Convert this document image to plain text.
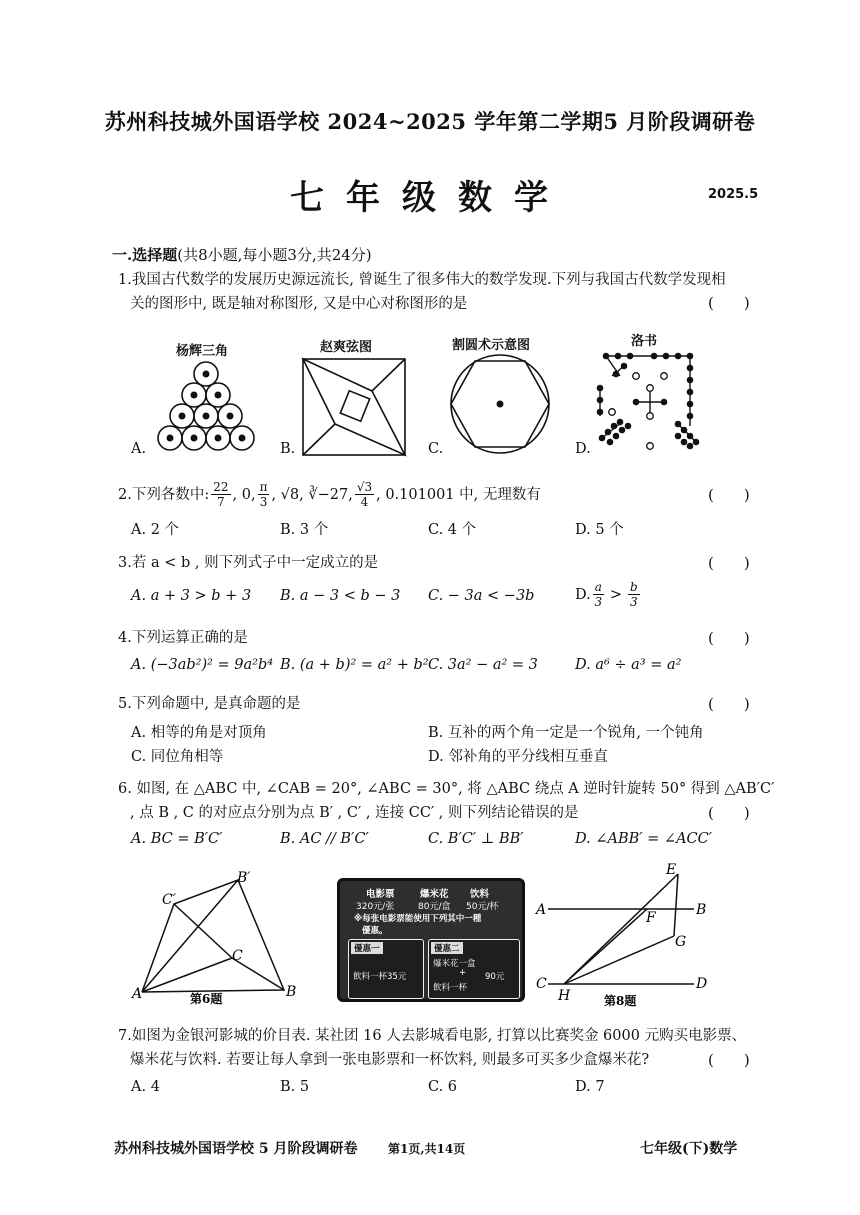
苏州科技城外国语学校 2024~2025 学年第二学期5 月阶段调研卷
七年级数学	2025.5
一.选择题(共8小题,每小题3分,共24分)
1.我国古代数学的发展历史源远流长, 曾诞生了很多伟大的数学发现.下列与我国古代数学发现相
关的图形中, 既是轴对称图形, 又是中心对称图形的是	(　　)
杨辉三角	赵爽弦图	割圆术示意图	洛书
A.	B.	C.	D.
2. 下列各数中: $\frac{22}{7}$ , 0, $\frac{\pi}{3}$ , √8 , ∛−27 , $\frac{√3}{4}$ , 0.101001 中, 无理数有	(　　)
A. 2 个	B. 3 个	C. 4 个	D. 5 个
3.若 a < b , 则下列式子中一定成立的是	(　　)
A. a + 3 > b + 3 B. a − 3 < b − 3 C. − 3a < −3b	D. $\frac{a}{3} > \frac{b}{3}$
4.下列运算正确的是	(　　)
A. (−3ab²)² = 9a²b⁴ B. (a + b)² = a² + b² C. 3a² − a² = 3	D. a⁶ ÷ a³ = a²
5.下列命题中, 是真命题的是	(　　)
A. 相等的角是对顶角	B. 互补的两个角一定是一个锐角, 一个钝角
C. 同位角相等	D. 邻补角的平分线相互垂直
6. 如图, 在 △ABC 中, ∠CAB = 20°, ∠ABC = 30°, 将 △ABC 绕点 A 逆时针旋转 50° 得到 △AB′C′
, 点 B , C 的对应点分别为点 B′ , C′ , 连接 CC′ , 则下列结论错误的是	(　　)
A. BC = B′C′	B. AC // B′C′	C. B′C′ ⊥ BB′	D. ∠ABB′ = ∠ACC′
A	B
C
C′
B′
第6题
电影票	爆米花 饮料
320元/张	80元/盒 50元/杯
※每张电影票能使用下列其中一種
優惠。
優惠一
飲料一杯35元
優惠二
爆米花一盒
+ 90元
飲料一杯
A	B
C	D
E
F
G
H	第8题
7.如图为金银河影城的价目表. 某社团 16 人去影城看电影, 打算以比赛奖金 6000 元购买电影票、
爆米花与饮料. 若要让每人拿到一张电影票和一杯饮料, 则最多可买多少盒爆米花?	(　　)
A. 4	B. 5	C. 6	D. 7
苏州科技城外国语学校 5 月阶段调研卷	第1页,共14页	七年级(下)数学
